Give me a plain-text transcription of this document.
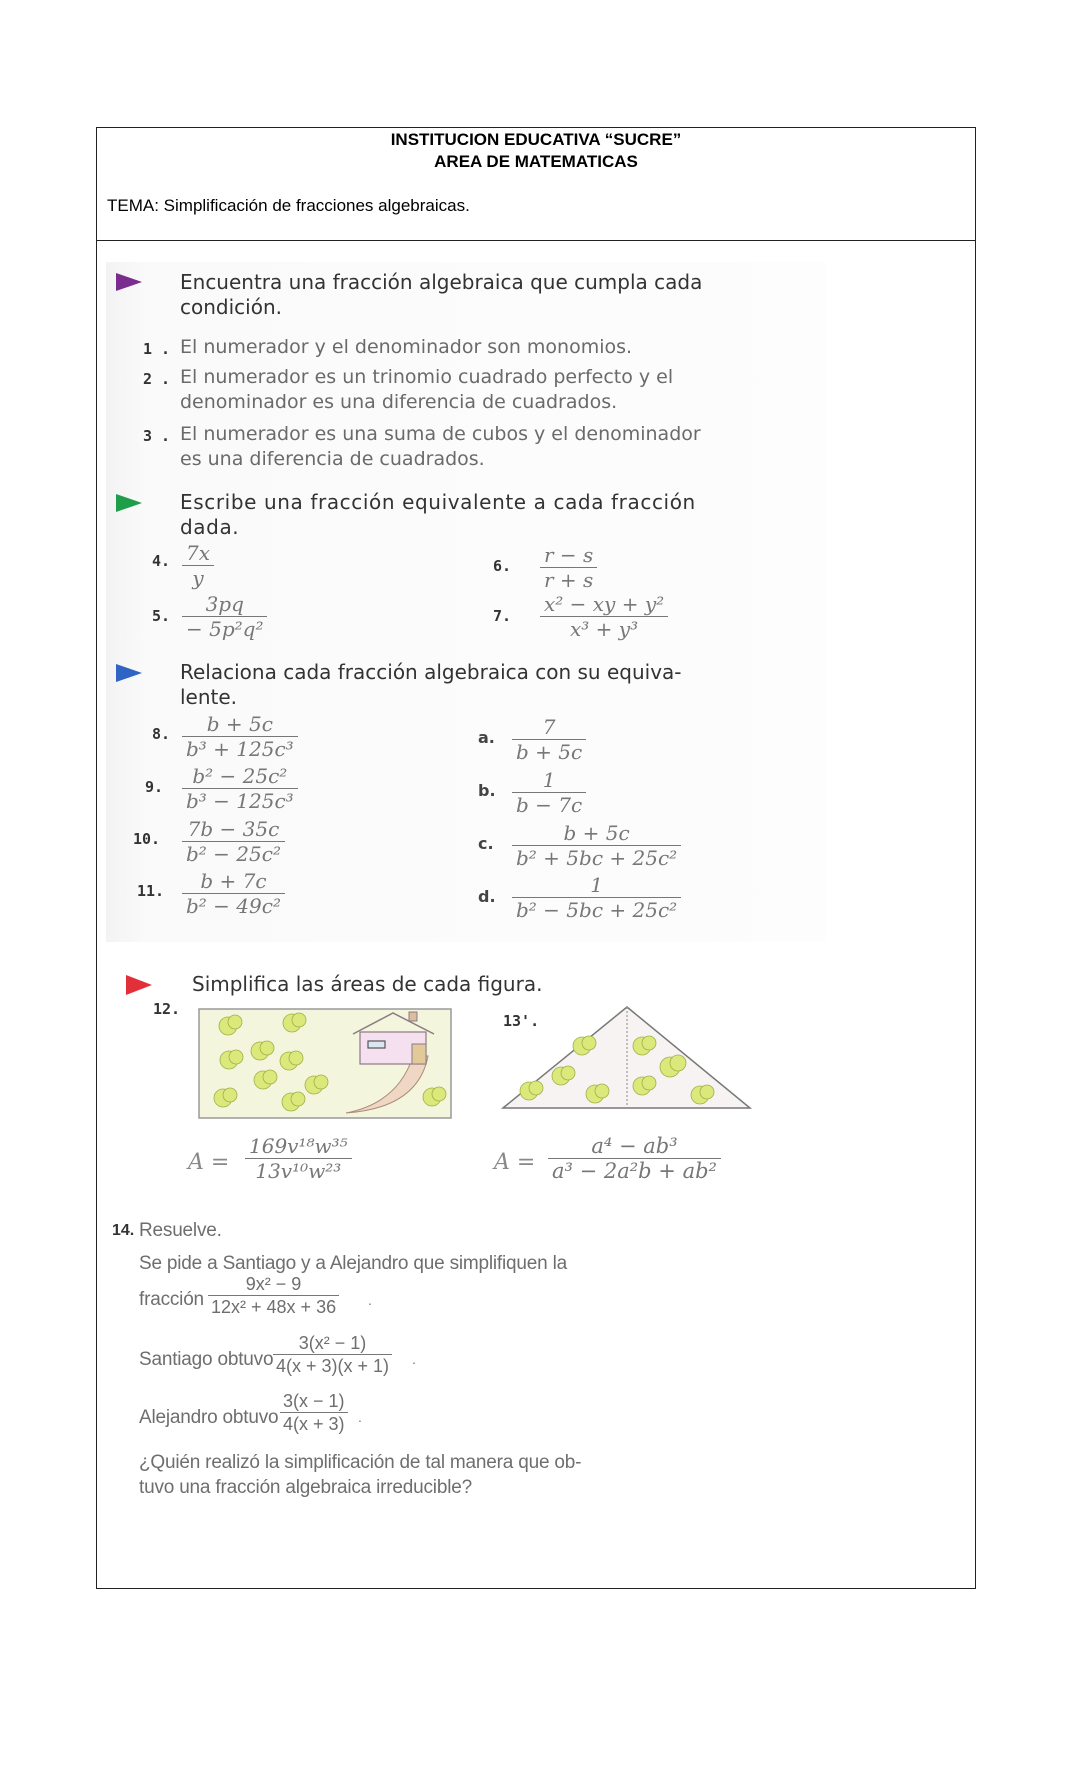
INSTITUCION EDUCATIVA “SUCRE”
AREA DE MATEMATICAS
TEMA: Simplificación de fracciones algebraicas.
Encuentra una fracción algebraica que cumpla cada
condición.
1 . El numerador y el denominador son monomios.
2 . El numerador es un trinomio cuadrado perfecto y el
denominador es una diferencia de cuadrados.
3 . El numerador es una suma de cubos y el denominador
es una diferencia de cuadrados.
Escribe una fracción equivalente a cada fracción
dada.
4. 7x
y
5. 3pq
− 5p²q²
6. r − s
r + s
7. x² − xy + y²
x³ + y³
Relaciona cada fracción algebraica con su equiva-
lente.
8. b + 5c
b³ + 125c³
9. b² − 25c²
b³ − 125c³
10. 7b − 35c
b² − 25c²
11. b + 7c
b² − 49c²
a. 7
b + 5c
b. 1
b − 7c
c.	b + 5c
b² + 5bc + 25c²
d.	1
b² − 5bc + 25c²
Simplifica las áreas de cada figura.
12.
13'.
A =
169v¹⁸w³⁵
13v¹⁰w²³	A =
a⁴ − ab³
a³ − 2a²b + ab²
14. Resuelve.
Se pide a Santiago y a Alejandro que simplifiquen la
fracción
9x² − 9
12x² + 48x + 36 .
Santiago obtuvo
3(x² − 1)
4(x + 3)(x + 1) .
Alejandro obtuvo
3(x − 1)
4(x + 3) .
¿Quién realizó la simplificación de tal manera que ob-
tuvo una fracción algebraica irreducible?
